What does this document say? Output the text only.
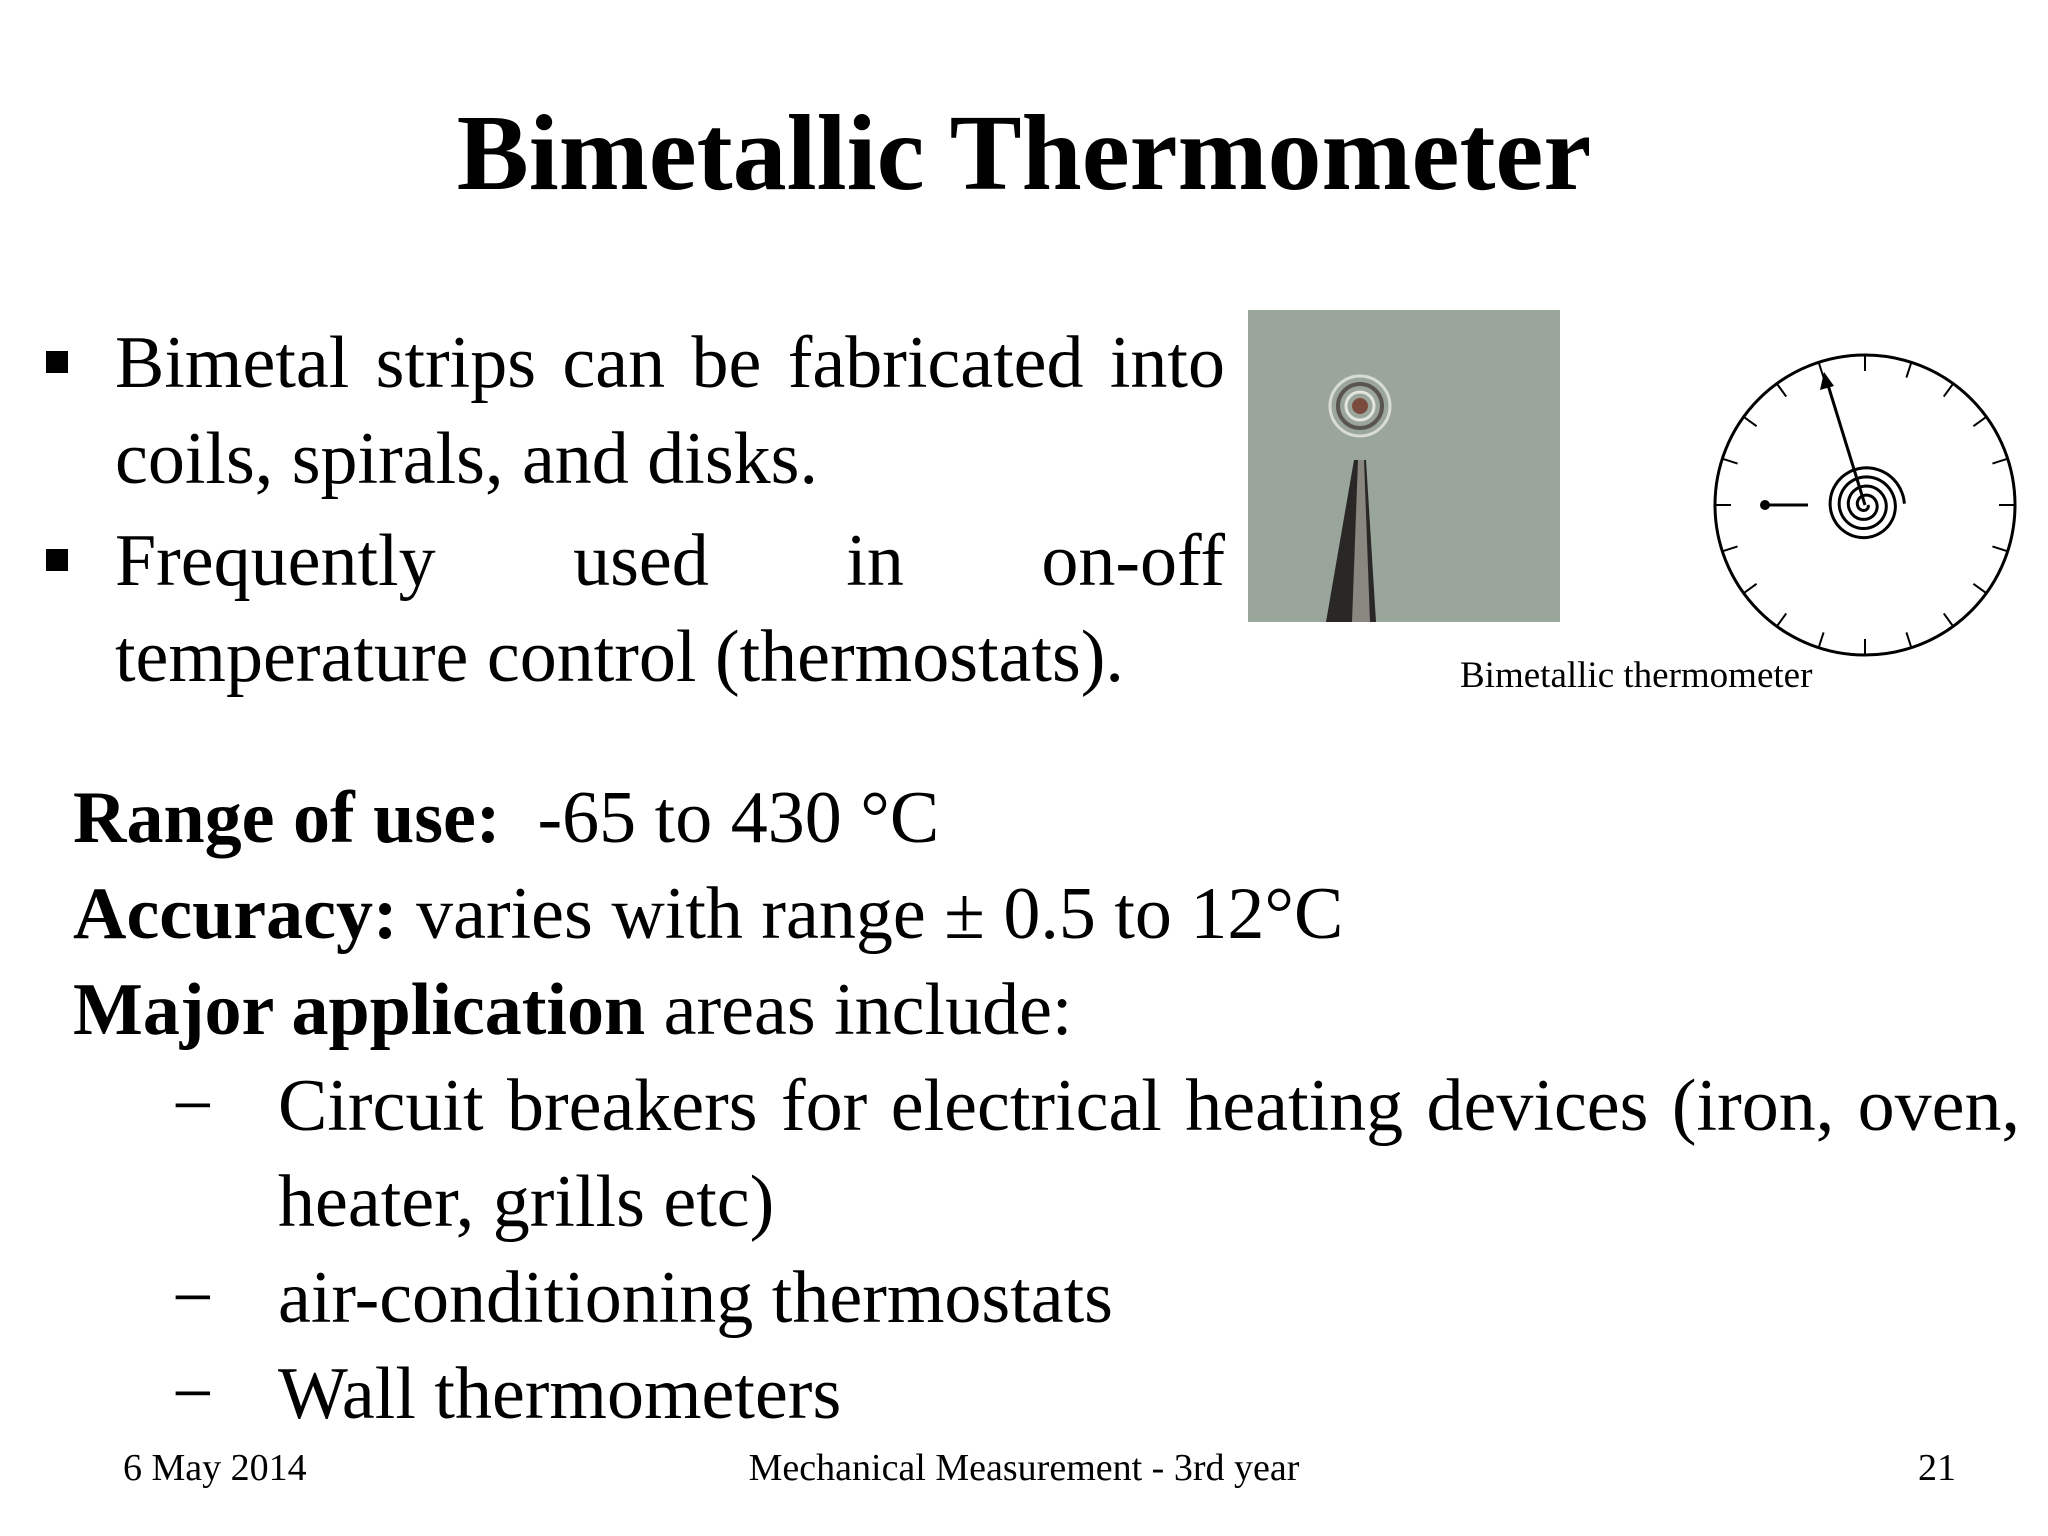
Bimetallic Thermometer
Bimetal strips can be fabricated into coils, spirals, and disks.
Frequently used in on-off temperature control (thermostats).	Bimetallic thermometer
Range of use: -65 to 430 °C
Accuracy: varies with range ± 0.5 to 12°C
Major application areas include:
− Circuit breakers for electrical heating devices (iron, oven, heater, grills etc)
− air-conditioning thermostats
− Wall thermometers
6 May 2014	Mechanical Measurement - 3rd year	21
